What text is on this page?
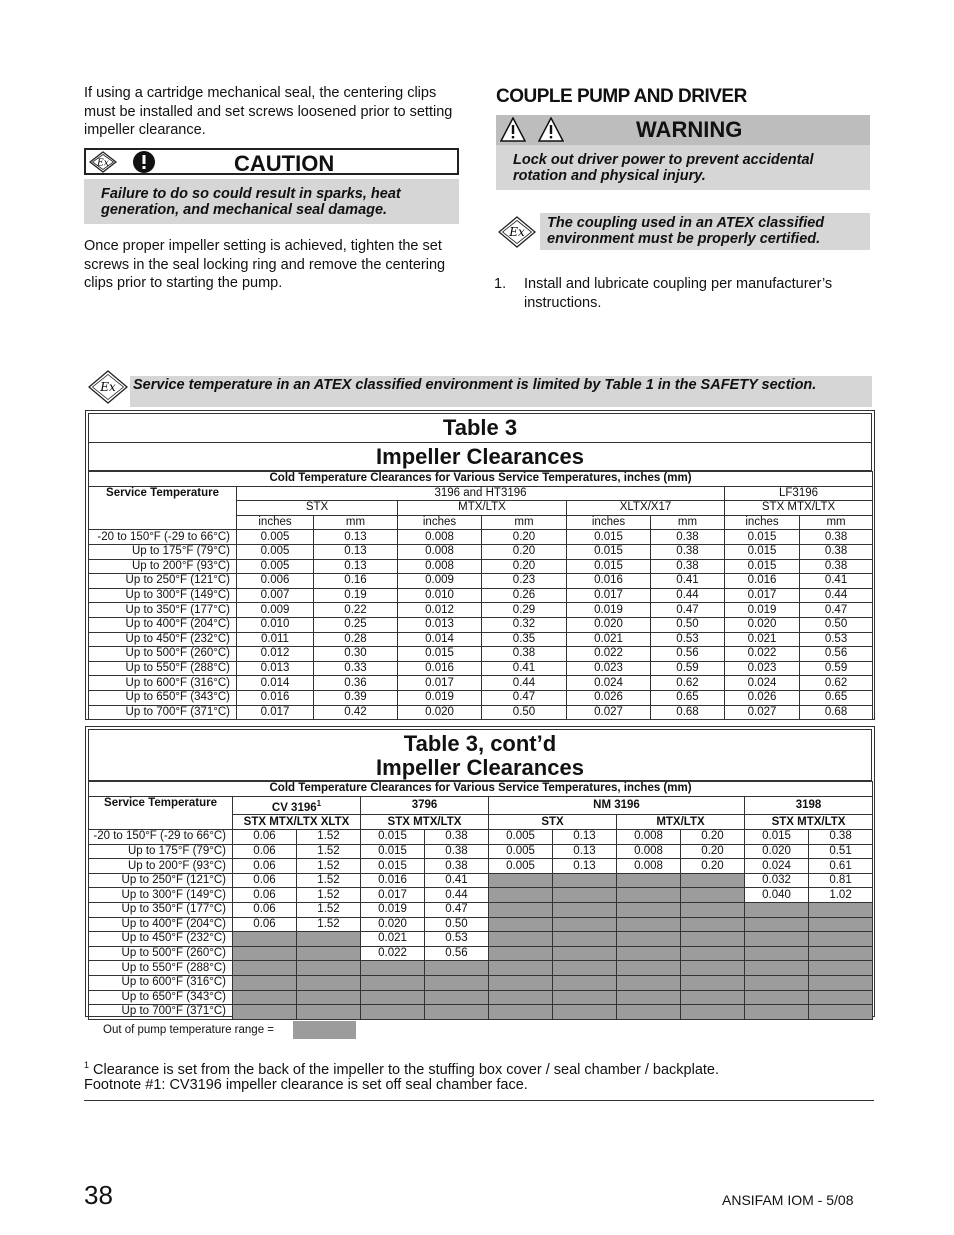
If using a cartridge mechanical seal, the centering clips must be installed and set screws loosened prior to setting impeller clearance.

Ex	CAUTION
Failure to do so could result in sparks, heat generation, and mechanical seal damage.

Once proper impeller setting is achieved, tighten the set screws in the seal locking ring and remove the centering clips prior to starting the pump.

COUPLE PUMP AND DRIVER
WARNING
Lock out driver power to prevent accidental rotation and physical injury.
Ex
The coupling used in an ATEX classified environment must be properly certified.
1. Install and lubricate coupling per manufacturer’s instructions.

Ex Service temperature in an ATEX classified environment is limited by Table 1 in the SAFETY section.
Table 3
Impeller Clearances
Cold Temperature Clearances for Various Service Temperatures, inches (mm)								
Service Temperature	3196 and HT3196						LF3196	
	STX		MTX/LTX		XLTX/X17		STX MTX/LTX	
	inches	mm	inches	mm	inches	mm	inches	mm
-20 to 150°F (-29 to 66°C)	0.005	0.13	0.008	0.20	0.015	0.38	0.015	0.38
Up to 175°F (79°C)	0.005	0.13	0.008	0.20	0.015	0.38	0.015	0.38
Up to 200°F (93°C)	0.005	0.13	0.008	0.20	0.015	0.38	0.015	0.38
Up to 250°F (121°C)	0.006	0.16	0.009	0.23	0.016	0.41	0.016	0.41
Up to 300°F (149°C)	0.007	0.19	0.010	0.26	0.017	0.44	0.017	0.44
Up to 350°F (177°C)	0.009	0.22	0.012	0.29	0.019	0.47	0.019	0.47
Up to 400°F (204°C)	0.010	0.25	0.013	0.32	0.020	0.50	0.020	0.50
Up to 450°F (232°C)	0.011	0.28	0.014	0.35	0.021	0.53	0.021	0.53
Up to 500°F (260°C)	0.012	0.30	0.015	0.38	0.022	0.56	0.022	0.56
Up to 550°F (288°C)	0.013	0.33	0.016	0.41	0.023	0.59	0.023	0.59
Up to 600°F (316°C)	0.014	0.36	0.017	0.44	0.024	0.62	0.024	0.62
Up to 650°F (343°C)	0.016	0.39	0.019	0.47	0.026	0.65	0.026	0.65
Up to 700°F (371°C)	0.017	0.42	0.020	0.50	0.027	0.68	0.027	0.68
Table 3, cont’d
Impeller Clearances
Cold Temperature Clearances for Various Service Temperatures, inches (mm)										
Service Temperature	CV 3196$^1$		3796		NM 3196				3198	
	STX MTX/LTX XLTX		STX MTX/LTX		STX		MTX/LTX		STX MTX/LTX	
-20 to 150°F (-29 to 66°C)	0.06	1.52	0.015	0.38	0.005	0.13	0.008	0.20	0.015	0.38
Up to 175°F (79°C)	0.06	1.52	0.015	0.38	0.005	0.13	0.008	0.20	0.020	0.51
Up to 200°F (93°C)	0.06	1.52	0.015	0.38	0.005	0.13	0.008	0.20	0.024	0.61
Up to 250°F (121°C)	0.06	1.52	0.016	0.41					0.032	0.81
Up to 300°F (149°C)	0.06	1.52	0.017	0.44					0.040	1.02
Up to 350°F (177°C)	0.06	1.52	0.019	0.47						
Up to 400°F (204°C)	0.06	1.52	0.020	0.50						
Up to 450°F (232°C)			0.021	0.53						
Up to 500°F (260°C)			0.022	0.56						
Up to 550°F (288°C)										
Up to 600°F (316°C)										
Up to 650°F (343°C)										
Up to 700°F (371°C)										
Out of pump temperature range =
$^1$ Clearance is set from the back of the impeller to the stuffing box cover / seal chamber / backplate.
Footnote #1: CV3196 impeller clearance is set off seal chamber face.
38	ANSIFAM IOM - 5/08
